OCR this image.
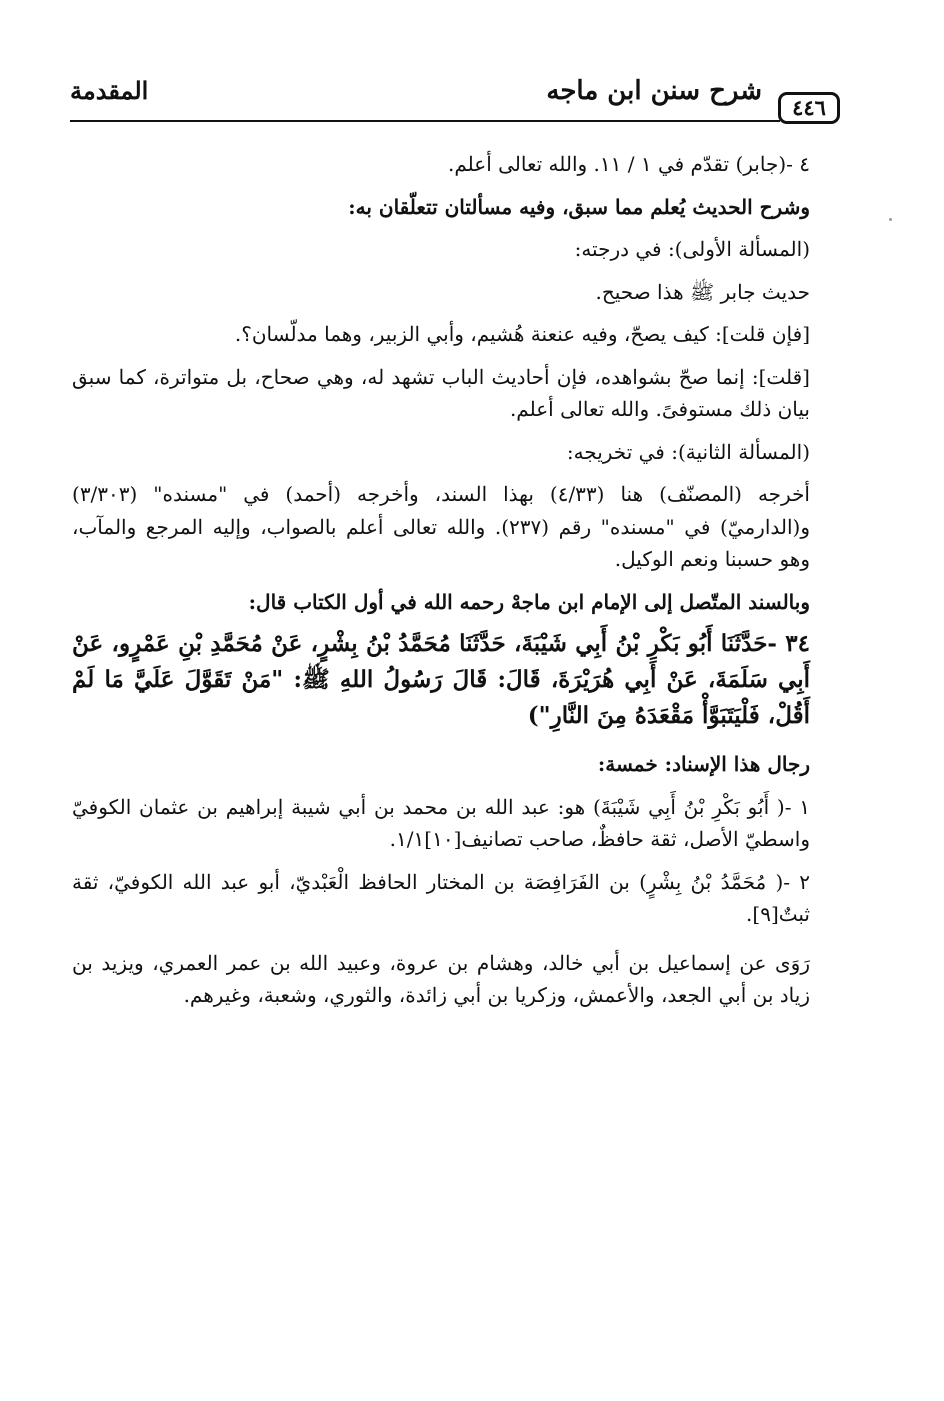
٤٤٦
شرح سنن ابن ماجه
المقدمة

٤ -(جابر) تقدّم في ١ / ١١. والله تعالى أعلم.

وشرح الحديث يُعلم مما سبق، وفيه مسألتان تتعلّقان به:

(المسألة الأولى): في درجته:

حديث جابر ﷺ هذا صحيح.

[فإن قلت]: كيف يصحّ، وفيه عنعنة هُشيم، وأبي الزبير، وهما مدلّسان؟.

[قلت]: إنما صحّ بشواهده، فإن أحاديث الباب تشهد له، وهي صحاح، بل متواترة، كما سبق بيان ذلك مستوفىً. والله تعالى أعلم.

(المسألة الثانية): في تخريجه:

أخرجه (المصنّف) هنا (٤/٣٣) بهذا السند، وأخرجه (أحمد) في "مسنده" (٣/٣٠٣) و(الدارميّ) في "مسنده" رقم (٢٣٧). والله تعالى أعلم بالصواب، وإليه المرجع والمآب، وهو حسبنا ونعم الوكيل.

وبالسند المتّصل إلى الإمام ابن ماجهْ رحمه الله في أول الكتاب قال:

٣٤ -حَدَّثَنَا أَبُو بَكْرِ بْنُ أَبِي شَيْبَةَ، حَدَّثَنَا مُحَمَّدُ بْنُ بِشْرٍ، عَنْ مُحَمَّدِ بْنِ عَمْرٍو، عَنْ أَبِي سَلَمَةَ، عَنْ أَبِي هُرَيْرَةَ، قَالَ: قَالَ رَسُولُ اللهِ ﷺ: "مَنْ تَقَوَّلَ عَلَيَّ مَا لَمْ أَقُلْ، فَلْيَتَبَوَّأْ مَقْعَدَهُ مِنَ النَّارِ")

رجال هذا الإسناد: خمسة:

١ -( أَبُو بَكْرِ بْنُ أَبِي شَيْبَةَ) هو: عبد الله بن محمد بن أبي شيبة إبراهيم بن عثمان الكوفيّ واسطيّ الأصل، ثقة حافظٌ، صاحب تصانيف[١٠]١/١.

٢ -( مُحَمَّدُ بْنُ بِشْرٍ) بن الفَرَافِصَة بن المختار الحافظ الْعَبْديّ، أبو عبد الله الكوفيّ، ثقة ثبتٌ[٩].

رَوَى عن إسماعيل بن أبي خالد، وهشام بن عروة، وعبيد الله بن عمر العمري، ويزيد بن زياد بن أبي الجعد، والأعمش، وزكريا بن أبي زائدة، والثوري، وشعبة، وغيرهم.
